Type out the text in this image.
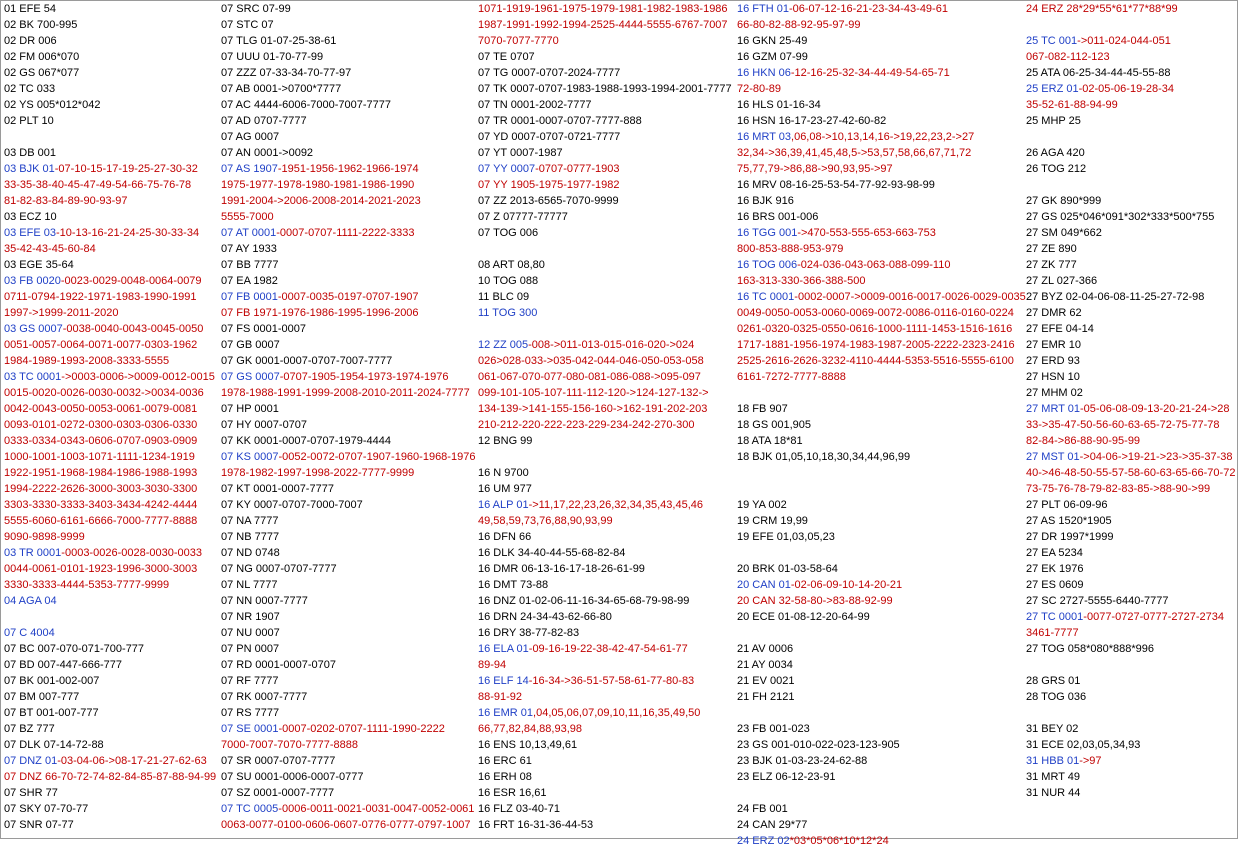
01 EFE 54
02 BK 700-995
02 DR 006
02 FM 006*070
02 GS 067*077
02 TC 033
02 YS 005*012*042
02 PLT 10
03 DB 001
03 BJK 01-07-10-15-17-19-25-27-30-32
33-35-38-40-45-47-49-54-66-75-76-78
81-82-83-84-89-90-93-97
03 ECZ 10
03 EFE 03-10-13-16-21-24-25-30-33-34
35-42-43-45-60-84
03 EGE 35-64
03 FB 0020-0023-0029-0048-0064-0079
0711-0794-1922-1971-1983-1990-1991
1997->1999-2011-2020
03 GS 0007-0038-0040-0043-0045-0050
0051-0057-0064-0071-0077-0303-1962
1984-1989-1993-2008-3333-5555
03 TC 0001->0003-0006->0009-0012-0015
0015-0020-0026-0030-0032->0034-0036
0042-0043-0050-0053-0061-0079-0081
0093-0101-0272-0300-0303-0306-0330
0333-0334-0343-0606-0707-0903-0909
1000-1001-1003-1071-1111-1234-1919
1922-1951-1968-1984-1986-1988-1993
1994-2222-2626-3000-3003-3030-3300
3303-3330-3333-3403-3434-4242-4444
5555-6060-6161-6666-7000-7777-8888
9090-9898-9999
03 TR 0001-0003-0026-0028-0030-0033
0044-0061-0101-1923-1996-3000-3003
3330-3333-4444-5353-7777-9999
04 AGA 04
07 C 4004
07 BC 007-070-071-700-777
07 BD 007-447-666-777
07 BK 001-002-007
07 BM 007-777
07 BT 001-007-777
07 BZ 777
07 DLK 07-14-72-88
07 DNZ 01-03-04-06->08-17-21-27-62-63
07 DNZ 66-70-72-74-82-84-85-87-88-94-99
07 SHR 77
07 SKY 07-70-77
07 SNR 07-77
07 SRC 07-99
07 STC 07
07 TLG 01-07-25-38-61
07 UUU 01-70-77-99
07 ZZZ 07-33-34-70-77-97
07 AB 0001->0700*7777
07 AC 4444-6006-7000-7007-7777
07 AD 0707-7777
07 AG 0007
07 AN 0001->0092
07 AS 1907-1951-1956-1962-1966-1974
1975-1977-1978-1980-1981-1986-1990
1991-2004->2006-2008-2014-2021-2023
5555-7000
07 AT 0001-0007-0707-1111-2222-3333
07 AY 1933
07 BB 7777
07 EA 1982
07 FB 0001-0007-0035-0197-0707-1907
07 FB 1971-1976-1986-1995-1996-2006
07 FS 0001-0007
07 GB 0007
07 GK 0001-0007-0707-7007-7777
07 GS 0007-0707-1905-1954-1973-1974-1976
1978-1988-1991-1999-2008-2010-2011-2024-7777
07 HP 0001
07 HY 0007-0707
07 KK 0001-0007-0707-1979-4444
07 KS 0007-0052-0072-0707-1907-1960-1968-1976
1978-1982-1997-1998-2022-7777-9999
07 KT 0001-0007-7777
07 KY 0007-0707-7000-7007
07 NA 7777
07 NB 7777
07 ND 0748
07 NG 0007-0707-7777
07 NL 7777
07 NN 0007-7777
07 NR 1907
07 NU 0007
07 PN 0007
07 RD 0001-0007-0707
07 RF 7777
07 RK 0007-7777
07 RS 7777
07 SE 0001-0007-0202-0707-1111-1990-2222
7000-7007-7070-7777-8888
07 SR 0007-0707-7777
07 SU 0001-0006-0007-0777
07 SZ 0001-0007-7777
07 TC 0005-0006-0011-0021-0031-0047-0052-0061
0063-0077-0100-0606-0607-0776-0777-0797-1007
1071-1919-1961-1975-1979-1981-1982-1983-1986
1987-1991-1992-1994-2525-4444-5555-6767-7007
7070-7077-7770
07 TE 0707
07 TG 0007-0707-2024-7777
07 TK 0007-0707-1983-1988-1993-1994-2001-7777
07 TN 0001-2002-7777
07 TR 0001-0007-0707-7777-888
07 YD 0007-0707-0721-7777
07 YT 0007-1987
07 YY 0007-0707-0777-1903
07 YY 1905-1975-1977-1982
07 ZZ 2013-6565-7070-9999
07 Z 07777-77777
07 TOG 006
08 ART 08,80
10 TOG 088
11 BLC 09
11 TOG 300
12 ZZ 005-008->011-013-015-016-020->024
026>028-033->035-042-044-046-050-053-058
061-067-070-077-080-081-086-088->095-097
099-101-105-107-111-112-120->124-127-132->
134-139->141-155-156-160->162-191-202-203
210-212-220-222-223-229-234-242-270-300
12 BNG 99
16 N 9700
16 UM 977
16 ALP 01->11,17,22,23,26,32,34,35,43,45,46
49,58,59,73,76,88,90,93,99
16 DFN 66
16 DLK 34-40-44-55-68-82-84
16 DMR 06-13-16-17-18-26-61-99
16 DMT 73-88
16 DNZ 01-02-06-11-16-34-65-68-79-98-99
16 DRN 24-34-43-62-66-80
16 DRY 38-77-82-83
16 ELA 01-09-16-19-22-38-42-47-54-61-77
89-94
16 ELF 14-16-34->36-51-57-58-61-77-80-83
88-91-92
16 EMR 01,04,05,06,07,09,10,11,16,35,49,50
66,77,82,84,88,93,98
16 ENS 10,13,49,61
16 ERC 61
16 ERH 08
16 ESR 16,61
16 FLZ 03-40-71
16 FRT 16-31-36-44-53
16 FTH 01-06-07-12-16-21-23-34-43-49-61
66-80-82-88-92-95-97-99
16 GKN 25-49
16 GZM 07-99
16 HKN 06-12-16-25-32-34-44-49-54-65-71
72-80-89
16 HLS 01-16-34
16 HSN 16-17-23-27-42-60-82
16 MRT 03,06,08->10,13,14,16->19,22,23,2->27
32,34->36,39,41,45,48,5->53,57,58,66,67,71,72
75,77,79->86,88->90,93,95->97
16 MRV 08-16-25-53-54-77-92-93-98-99
16 BJK 916
16 BRS 001-006
16 TGG 001->470-553-555-653-663-753
800-853-888-953-979
16 TOG 006-024-036-043-063-088-099-110
163-313-330-366-388-500
16 TC 0001-0002-0007->0009-0016-0017-0026-0029-0035
0049-0050-0053-0060-0069-0072-0086-0116-0160-0224
0261-0320-0325-0550-0616-1000-1111-1453-1516-1616
1717-1881-1956-1974-1983-1987-2005-2222-2323-2416
2525-2616-2626-3232-4110-4444-5353-5516-5555-6100
6161-7272-7777-8888
18 FB 907
18 GS 001,905
18 ATA 18*81
18 BJK 01,05,10,18,30,34,44,96,99
19 YA 002
19 CRM 19,99
19 EFE 01,03,05,23
20 BRK 01-03-58-64
20 CAN 01-02-06-09-10-14-20-21
20 CAN 32-58-80->83-88-92-99
20 ECE 01-08-12-20-64-99
21 AV 0006
21 AY 0034
21 EV 0021
21 FH 2121
23 FB 001-023
23 GS 001-010-022-023-123-905
23 BJK 01-03-23-24-62-88
23 ELZ 06-12-23-91
24 FB 001
24 CAN 29*77
24 ERZ 02*03*05*06*10*12*24
24 ERZ 28*29*55*61*77*88*99
25 TC 001->011-024-044-051
067-082-112-123
25 ATA 06-25-34-44-45-55-88
25 ERZ 01-02-05-06-19-28-34
35-52-61-88-94-99
25 MHP 25
26 AGA 420
26 TOG 212
27 GK 890*999
27 GS 025*046*091*302*333*500*755
27 SM 049*662
27 ZE 890
27 ZK 777
27 ZL 027-366
27 BYZ 02-04-06-08-11-25-27-72-98
27 DMR 62
27 EFE 04-14
27 EMR 10
27 ERD 93
27 HSN 10
27 MHM 02
27 MRT 01-05-06-08-09-13-20-21-24->28
33->35-47-50-56-60-63-65-72-75-77-78
82-84->86-88-90-95-99
27 MST 01->04-06->19-21->23->35-37-38
40->46-48-50-55-57-58-60-63-65-66-70-72
73-75-76-78-79-82-83-85->88-90->99
27 PLT 06-09-96
27 AS 1520*1905
27 DR 1997*1999
27 EA 5234
27 EK 1976
27 ES 0609
27 SC 2727-5555-6440-7777
27 TC 0001-0077-0727-0777-2727-2734
3461-7777
27 TOG 058*080*888*996
28 GRS 01
28 TOG 036
31 BEY 02
31 ECE 02,03,05,34,93
31 HBB 01->97
31 MRT 49
31 NUR 44
